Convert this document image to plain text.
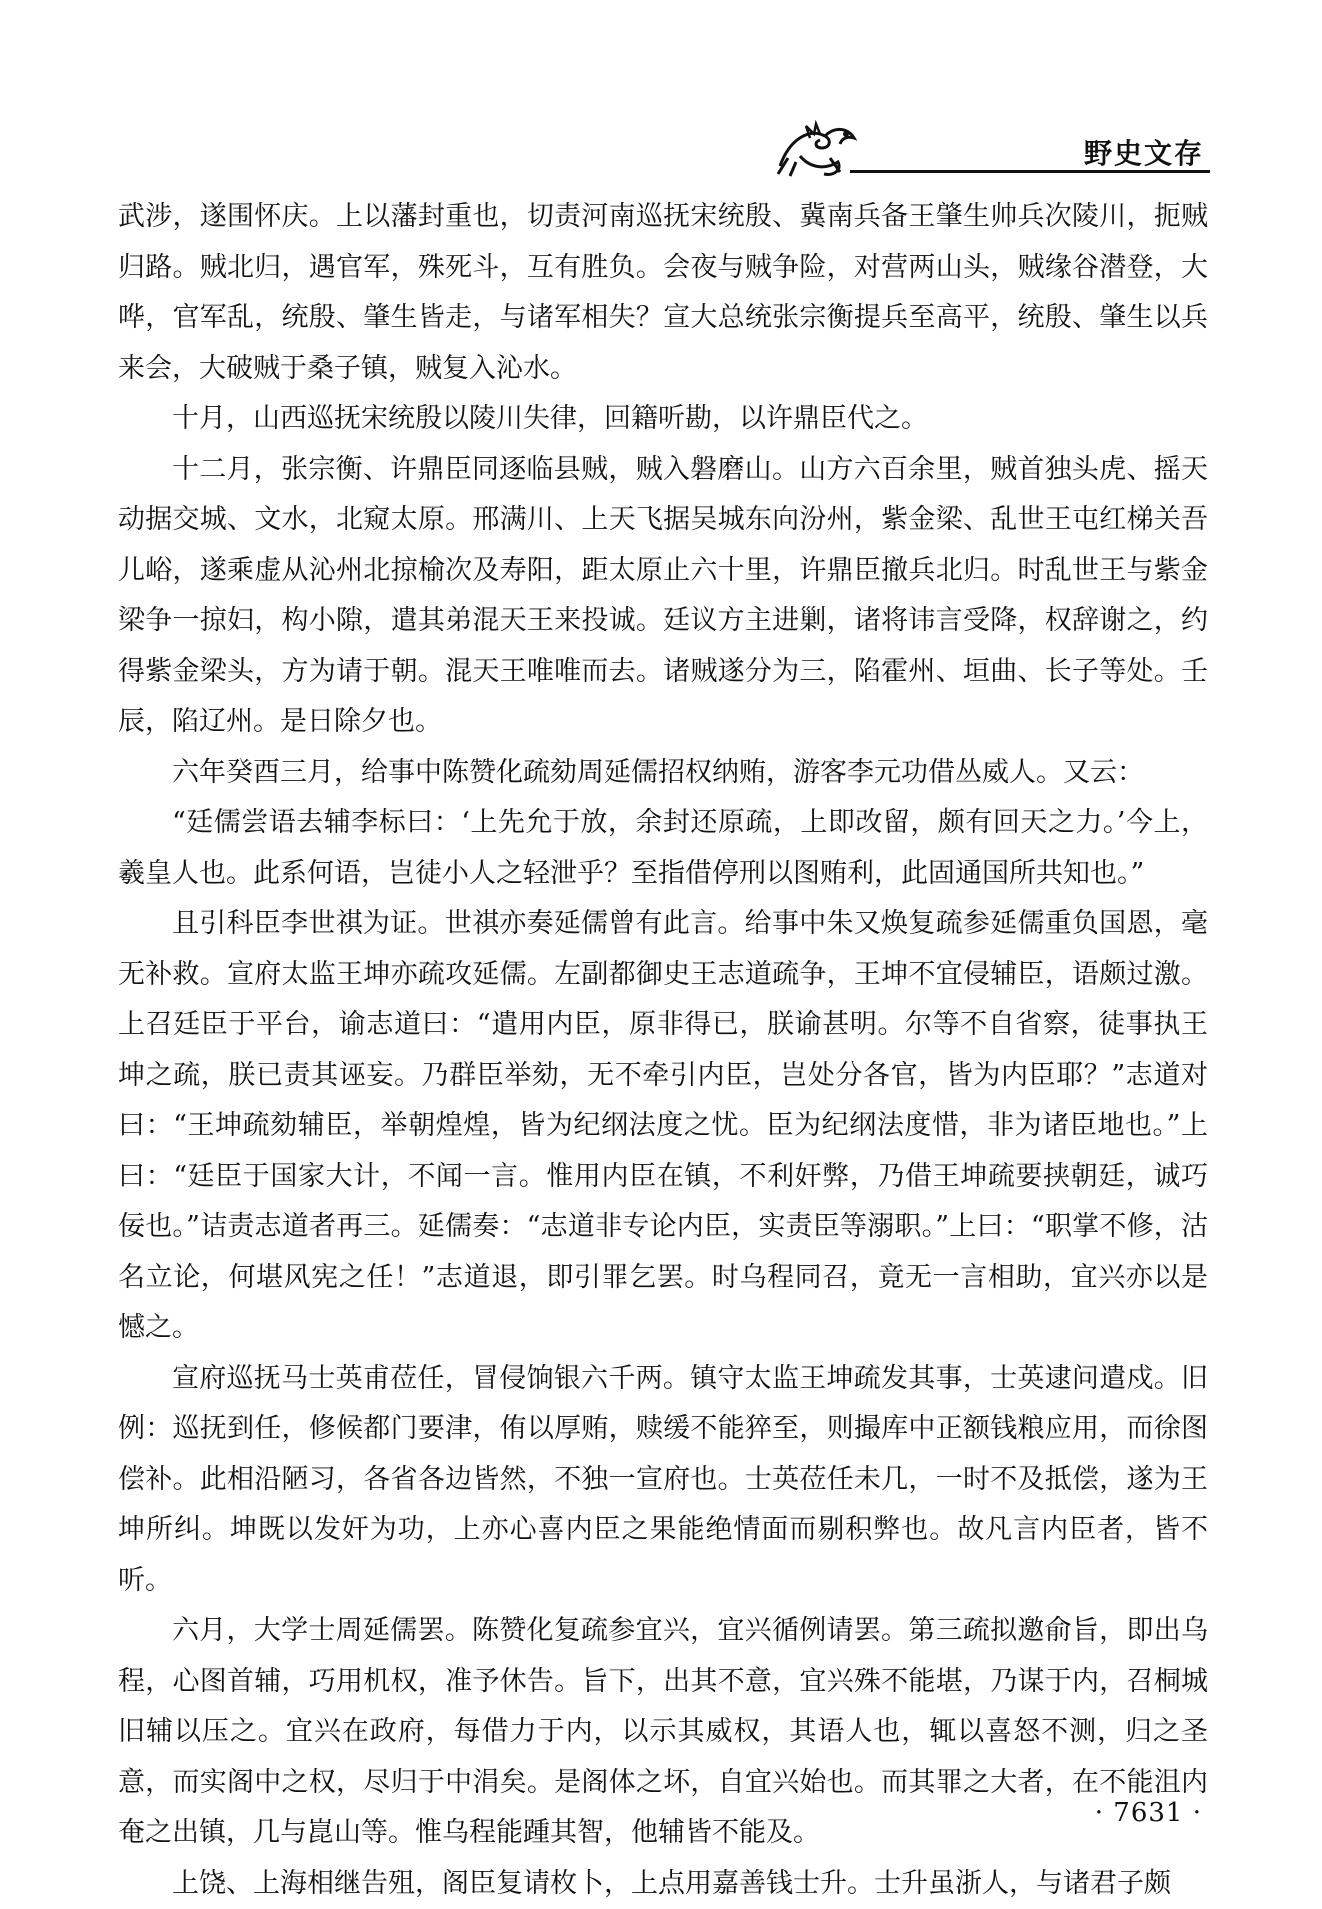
野史文存

武涉，遂围怀庆。上以藩封重也，切责河南巡抚宋统殷、冀南兵备王肇生帅兵次陵川，扼贼归路。贼北归，遇官军，殊死斗，互有胜负。会夜与贼争险，对营两山头，贼缘谷潜登，大哗，官军乱，统殷、肇生皆走，与诸军相失？宣大总统张宗衡提兵至高平，统殷、肇生以兵来会，大破贼于桑子镇，贼复入沁水。

十月，山西巡抚宋统殷以陵川失律，回籍听勘，以许鼎臣代之。

十二月，张宗衡、许鼎臣同逐临县贼，贼入磐磨山。山方六百余里，贼首独头虎、摇天动据交城、文水，北窥太原。邢满川、上天飞据吴城东向汾州，紫金梁、乱世王屯红梯关吾儿峪，遂乘虚从沁州北掠榆次及寿阳，距太原止六十里，许鼎臣撤兵北归。时乱世王与紫金梁争一掠妇，构小隙，遣其弟混天王来投诚。廷议方主进剿，诸将讳言受降，权辞谢之，约得紫金梁头，方为请于朝。混天王唯唯而去。诸贼遂分为三，陷霍州、垣曲、长子等处。壬辰，陷辽州。是日除夕也。

六年癸酉三月，给事中陈赞化疏劾周延儒招权纳贿，游客李元功借丛威人。又云：

“廷儒尝语去辅李标曰：‘上先允于放，余封还原疏，上即改留，颇有回天之力。’今上，羲皇人也。此系何语，岂徒小人之轻泄乎？至指借停刑以图贿利，此固通国所共知也。”

且引科臣李世祺为证。世祺亦奏延儒曾有此言。给事中朱又焕复疏参延儒重负国恩，毫无补救。宣府太监王坤亦疏攻延儒。左副都御史王志道疏争，王坤不宜侵辅臣，语颇过激。上召廷臣于平台，谕志道曰：“遣用内臣，原非得已，朕谕甚明。尔等不自省察，徒事执王坤之疏，朕已责其诬妄。乃群臣举劾，无不牵引内臣，岂处分各官，皆为内臣耶？”志道对曰：“王坤疏劾辅臣，举朝煌煌，皆为纪纲法度之忧。臣为纪纲法度惜，非为诸臣地也。”上曰：“廷臣于国家大计，不闻一言。惟用内臣在镇，不利奸弊，乃借王坤疏要挟朝廷，诚巧佞也。”诘责志道者再三。延儒奏：“志道非专论内臣，实责臣等溺职。”上曰：“职掌不修，沽名立论，何堪风宪之任！”志道退，即引罪乞罢。时乌程同召，竟无一言相助，宜兴亦以是憾之。

宣府巡抚马士英甫莅任，冒侵饷银六千两。镇守太监王坤疏发其事，士英逮问遣戍。旧例：巡抚到任，修候都门要津，侑以厚贿，赎缓不能猝至，则撮库中正额钱粮应用，而徐图偿补。此相沿陋习，各省各边皆然，不独一宣府也。士英莅任未几，一时不及抵偿，遂为王坤所纠。坤既以发奸为功，上亦心喜内臣之果能绝情面而剔积弊也。故凡言内臣者，皆不听。

六月，大学士周延儒罢。陈赞化复疏参宜兴，宜兴循例请罢。第三疏拟邀俞旨，即出乌程，心图首辅，巧用机权，准予休告。旨下，出其不意，宜兴殊不能堪，乃谋于内，召桐城旧辅以压之。宜兴在政府，每借力于内，以示其威权，其语人也，辄以喜怒不测，归之圣意，而实阁中之权，尽归于中涓矣。是阁体之坏，自宜兴始也。而其罪之大者，在不能沮内奄之出镇，几与崑山等。惟乌程能踵其智，他辅皆不能及。

上饶、上海相继告殂，阁臣复请枚卜，上点用嘉善钱士升。士升虽浙人，与诸君子颇

· 7631 ·
